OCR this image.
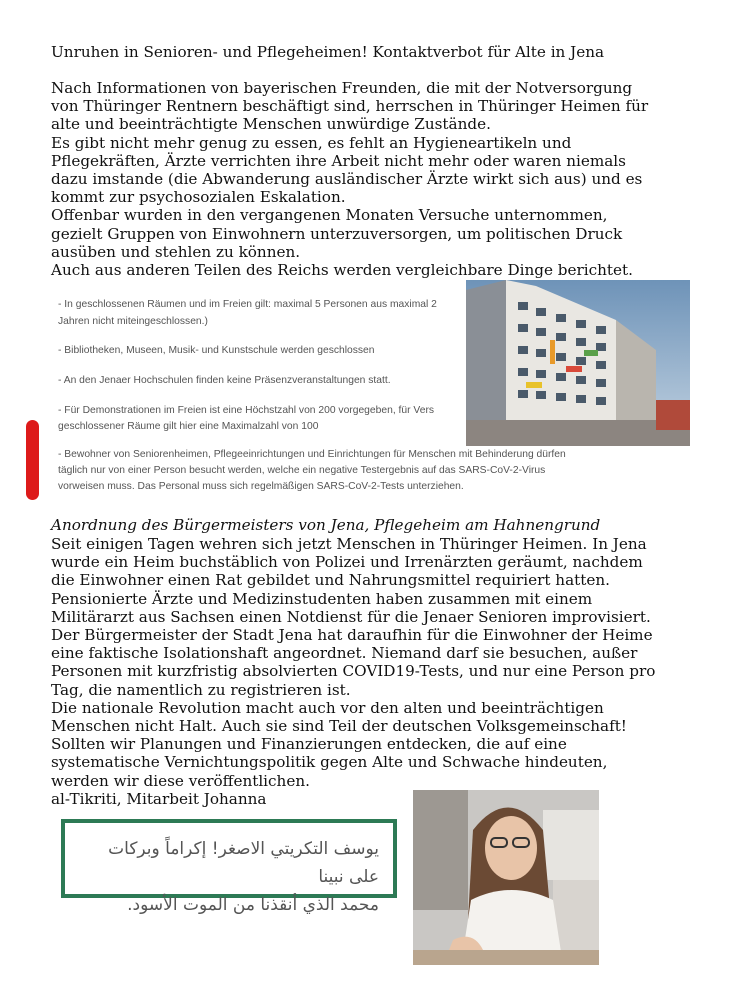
Unruhen in Senioren- und Pflegeheimen! Kontaktverbot für Alte in Jena
Nach Informationen von bayerischen Freunden, die mit der Notversorgung
von Thüringer Rentnern beschäftigt sind, herrschen in Thüringer Heimen für
alte und beeinträchtigte Menschen unwürdige Zustände.
Es gibt nicht mehr genug zu essen, es fehlt an Hygieneartikeln und
Pflegekräften, Ärzte verrichten ihre Arbeit nicht mehr oder waren niemals
dazu imstande (die Abwanderung ausländischer Ärzte wirkt sich aus) und es
kommt zur psychosozialen Eskalation.
Offenbar wurden in den vergangenen Monaten Versuche unternommen,
gezielt Gruppen von Einwohnern unterzuversorgen, um politischen Druck
ausüben und stehlen zu können.
Auch aus anderen Teilen des Reichs werden vergleichbare Dinge berichtet.
- In geschlossenen Räumen und im Freien gilt: maximal 5 Personen aus maximal 2
Jahren nicht miteingeschlossen.)
- Bibliotheken, Museen, Musik- und Kunstschule werden geschlossen
- An den Jenaer Hochschulen finden keine Präsenzveranstaltungen statt.
- Für Demonstrationen im Freien ist eine Höchstzahl von 200 vorgegeben, für Vers
geschlossener Räume gilt hier eine Maximalzahl von 100
- Bewohner von Seniorenheimen, Pflegeeinrichtungen und Einrichtungen für Menschen mit Behinderung dürfen
täglich nur von einer Person besucht werden, welche ein negative Testergebnis auf das SARS-CoV-2-Virus
vorweisen muss. Das Personal muss sich regelmäßigen SARS-CoV-2-Tests unterziehen.
Anordnung des Bürgermeisters von Jena, Pflegeheim am Hahnengrund
Seit einigen Tagen wehren sich jetzt Menschen in Thüringer Heimen. In Jena
wurde ein Heim buchstäblich von Polizei und Irrenärzten geräumt, nachdem
die Einwohner einen Rat gebildet und Nahrungsmittel requiriert hatten.
Pensionierte Ärzte und Medizinstudenten haben zusammen mit einem
Militärarzt aus Sachsen einen Notdienst für die Jenaer Senioren improvisiert.
Der Bürgermeister der Stadt Jena hat daraufhin für die Einwohner der Heime
eine faktische Isolationshaft angeordnet. Niemand darf sie besuchen, außer
Personen mit kurzfristig absolvierten COVID19-Tests, und nur eine Person pro
Tag, die namentlich zu registrieren ist.
Die nationale Revolution macht auch vor den alten und beeinträchtigen
Menschen nicht Halt. Auch sie sind Teil der deutschen Volksgemeinschaft!
Sollten wir Planungen und Finanzierungen entdecken, die auf eine
systematische Vernichtungspolitik gegen Alte und Schwache hindeuten,
werden wir diese veröffentlichen.
al-Tikriti, Mitarbeit Johanna
يوسف التكريتي الاصغر! إكراماً وبركات على نبينا
محمد الذي أنقذنا من الموت الأسود.
